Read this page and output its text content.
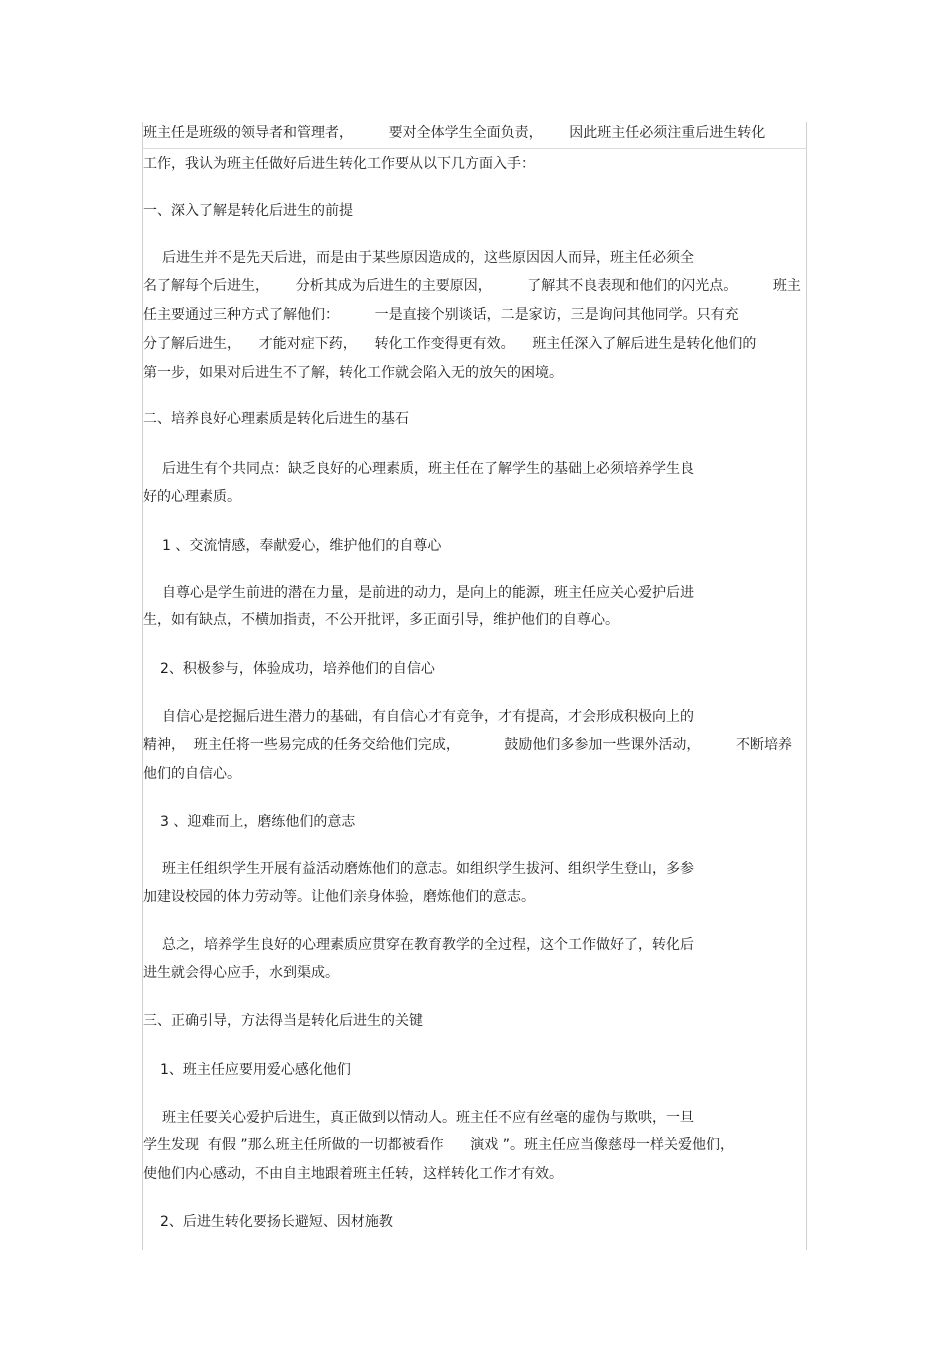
班主任是班级的领导者和管理者，        要对全体学生全面负责，      因此班主任必须注重后进生转化
工作，我认为班主任做好后进生转化工作要从以下几方面入手：
一、深入了解是转化后进生的前提
后进生并不是先天后进，而是由于某些原因造成的，这些原因因人而异，班主任必须全
名了解每个后进生，      分析其成为后进生的主要原因，        了解其不良表现和他们的闪光点。        班主
任主要通过三种方式了解他们：        一是直接个别谈话，二是家访，三是询问其他同学。只有充
分了解后进生，    才能对症下药，    转化工作变得更有效。    班主任深入了解后进生是转化他们的
第一步，如果对后进生不了解，转化工作就会陷入无的放矢的困境。
二、培养良好心理素质是转化后进生的基石
后进生有个共同点：缺乏良好的心理素质，班主任在了解学生的基础上必须培养学生良
好的心理素质。
1 、交流情感，奉献爱心，维护他们的自尊心
自尊心是学生前进的潜在力量，是前进的动力，是向上的能源，班主任应关心爱护后进
生，如有缺点，不横加指责，不公开批评，多正面引导，维护他们的自尊心。
2、积极参与，体验成功，培养他们的自信心
自信心是挖掘后进生潜力的基础，有自信心才有竞争，才有提高，才会形成积极向上的
精神，  班主任将一些易完成的任务交给他们完成，          鼓励他们多参加一些课外活动，        不断培养
他们的自信心。
3 、迎难而上，磨练他们的意志
班主任组织学生开展有益活动磨炼他们的意志。如组织学生拔河、组织学生登山，多参
加建设校园的体力劳动等。让他们亲身体验，磨炼他们的意志。
总之，培养学生良好的心理素质应贯穿在教育教学的全过程，这个工作做好了，转化后
进生就会得心应手，水到渠成。
三、正确引导，方法得当是转化后进生的关键
1、班主任应要用爱心感化他们
班主任要关心爱护后进生，真正做到以情动人。班主任不应有丝毫的虚伪与欺哄，一旦
学生发现  有假 ”那么班主任所做的一切都被看作      演戏 ”。班主任应当像慈母一样关爱他们，
使他们内心感动，不由自主地跟着班主任转，这样转化工作才有效。
2、后进生转化要扬长避短、因材施教
